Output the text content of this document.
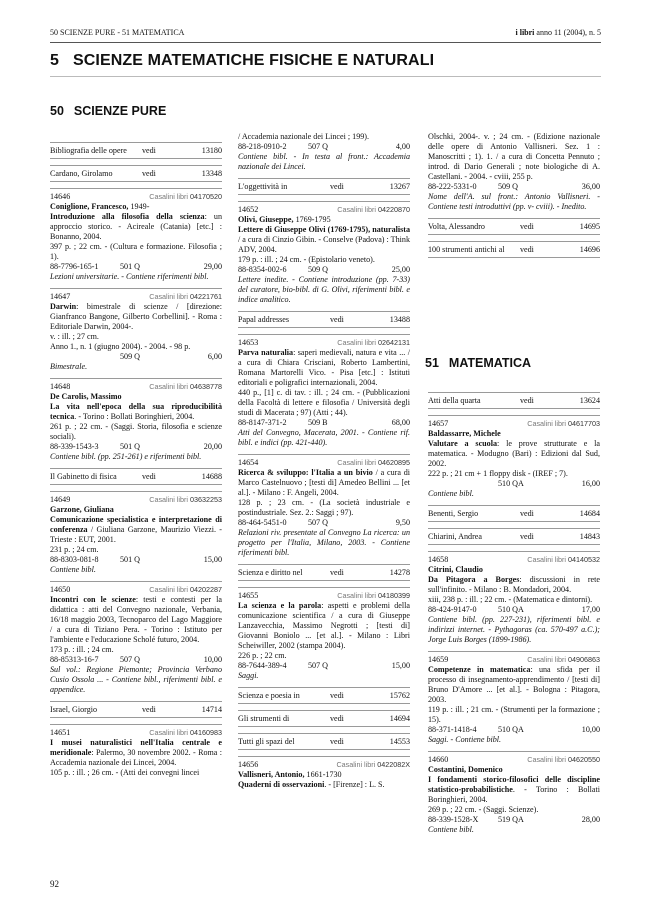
50 SCIENZE PURE - 51 MATEMATICA	i libri anno 11 (2004), n. 5
5 SCIENZE MATEMATICHE FISICHE E NATURALI
50 SCIENZE PURE
51 MATEMATICA
Bibliografia delle opere	vedi	13180
Cardano, Girolamo	vedi	13348
14646	Casalini libri 04170520
Coniglione, Francesco, 1949-
Introduzione alla filosofia della scienza: un approccio storico. - Acireale (Catania) [etc.] : Bonanno, 2004.
397 p. ; 22 cm. - (Cultura e formazione. Filosofia ; 1).
88-7796-165-1	501 Q	29,00
Lezioni universitarie. - Contiene riferimenti bibl.
14647	Casalini libri 04221761
Darwin: bimestrale di scienze / [direzione: Gianfranco Bangone, Gilberto Corbellini]. - Roma : Editoriale Darwin, 2004-.
v. : ill. ; 27 cm.
Anno 1., n. 1 (giugno 2004). - 2004. - 98 p.
509 Q	6,00
Bimestrale.
14648	Casalini libri 04638778
De Carolis, Massimo
La vita nell'epoca della sua riproducibilità tecnica. - Torino : Bollati Boringhieri, 2004.
261 p. ; 22 cm. - (Saggi. Storia, filosofia e scienze sociali).
88-339-1543-3	501 Q	20,00
Contiene bibl. (pp. 251-261) e riferimenti bibl.
Il Gabinetto di fisica	vedi	14688
14649	Casalini libri 03632253
Garzone, Giuliana
Comunicazione specialistica e interpretazione di conferenza / Giuliana Garzone, Maurizio Viezzi. - Trieste : EUT, 2001.
231 p. ; 24 cm.
88-8303-081-8	501 Q	15,00
Contiene bibl.
14650	Casalini libri 04202287
Incontri con le scienze: testi e contesti per la didattica : atti del Convegno nazionale, Verbania, 16/18 maggio 2003, Tecnoparco del Lago Maggiore / a cura di Tiziano Pera. - Torino : Istituto per l'ambiente e l'educazione Scholé futuro, 2004.
173 p. : ill. ; 24 cm.
88-85313-16-7	507 Q	10,00
Sul vol.: Regione Piemonte; Provincia Verbano Cusio Ossola ... - Contiene bibl., riferimenti bibl. e appendice.
Israel, Giorgio	vedi	14714
14651	Casalini libri 04160983
I musei naturalistici nell'Italia centrale e meridionale: Palermo, 30 novembre 2002. - Roma : Accademia nazionale dei Lincei, 2004.
105 p. : ill. ; 26 cm. - (Atti dei convegni lincei
/ Accademia nazionale dei Lincei ; 199).
88-218-0910-2	507 Q	4,00
Contiene bibl. - In testa al front.: Accademia nazionale dei Lincei.
L'oggettività in	vedi	13267
14652	Casalini libri 04220870
Olivi, Giuseppe, 1769-1795
Lettere di Giuseppe Olivi (1769-1795), naturalista / a cura di Cinzio Gibin. - Conselve (Padova) : Think ADV, 2004.
179 p. : ill. ; 24 cm. - (Epistolario veneto).
88-8354-002-6	509 Q	25,00
Lettere inedite. - Contiene introduzione (pp. 7-33) del curatore, bio-bibl. di G. Olivi, riferimenti bibl. e indice analitico.
Papal addresses	vedi	13488
14653	Casalini libri 02642131
Parva naturalia: saperi medievali, natura e vita ... / a cura di Chiara Crisciani, Roberto Lambertini, Romana Martorelli Vico. - Pisa [etc.] : Istituti editoriali e poligrafici internazionali, 2004.
440 p., [1] c. di tav. : ill. ; 24 cm. - (Pubblicazioni della Facoltà di lettere e filosofia / Università degli studi di Macerata ; 97) (Atti ; 44).
88-8147-371-2	509 B	68,00
Atti del Convegno, Macerata, 2001. - Contiene rif. bibl. e indici (pp. 421-440).
14654	Casalini libri 04620895
Ricerca & sviluppo: l'Italia a un bivio / a cura di Marco Castelnuovo ; [testi di] Amedeo Bellini ... [et al.]. - Milano : F. Angeli, 2004.
128 p. ; 23 cm. - (La società industriale e postindustriale. Sez. 2.: Saggi ; 97).
88-464-5451-0	507 Q	9,50
Relazioni riv. presentate al Convegno La ricerca: un progetto per l'Italia, Milano, 2003. - Contiene riferimenti bibl.
Scienza e diritto nel	vedi	14278
14655	Casalini libri 04180399
La scienza e la parola: aspetti e problemi della comunicazione scientifica / a cura di Giuseppe Lanzavecchia, Massimo Negrotti ; [testi di] Giovanni Boniolo ... [et al.]. - Milano : Libri Scheiwiller, 2002 (stampa 2004).
226 p. ; 22 cm.
88-7644-389-4	507 Q	15,00
Saggi.
Scienza e poesia in	vedi	15762
Gli strumenti di	vedi	14694
Tutti gli spazi del	vedi	14553
14656	Casalini libri 0422082X
Vallisneri, Antonio, 1661-1730
Quaderni di osservazioni. - [Firenze] : L. S.
Olschki, 2004-. v. ; 24 cm. - (Edizione nazionale delle opere di Antonio Vallisneri. Sez. 1 : Manoscritti ; 1). 1. / a cura di Concetta Pennuto ; introd. di Dario Generali ; note biologiche di A. Castellani. - 2004. - cviii, 255 p.
88-222-5331-0	509 Q	36,00
Nome dell'A. sul front.: Antonio Vallisneri. - Contiene testi introduttivi (pp. v- cviii). - Inedito.
Volta, Alessandro	vedi	14695
100 strumenti antichi al	vedi	14696
Atti della quarta	vedi	13624
14657	Casalini libri 04617703
Baldassarre, Michele
Valutare a scuola: le prove strutturate e la matematica. - Modugno (Bari) : Edizioni dal Sud, 2002.
222 p. ; 21 cm + 1 floppy disk - (IREF ; 7).
510 QA	16,00
Contiene bibl.
Benenti, Sergio	vedi	14684
Chiarini, Andrea	vedi	14843
14658	Casalini libri 04140532
Citrini, Claudio
Da Pitagora a Borges: discussioni in rete sull'infinito. - Milano : B. Mondadori, 2004.
xiii, 238 p. : ill. ; 22 cm. - (Matematica e dintorni).
88-424-9147-0	510 QA	17,00
Contiene bibl. (pp. 227-231), riferimenti bibl. e indirizzi internet. - Pythagoras (ca. 570-497 a.C.); Jorge Luis Borges (1899-1986).
14659	Casalini libri 04906863
Competenze in matematica: una sfida per il processo di insegnamento-apprendimento / [testi di] Bruno D'Amore ... [et al.]. - Bologna : Pitagora, 2003.
119 p. : ill. ; 21 cm. - (Strumenti per la formazione ; 15).
88-371-1418-4	510 QA	10,00
Saggi. - Contiene bibl.
14660	Casalini libri 04620550
Costantini, Domenico
I fondamenti storico-filosofici delle discipline statistico-probabilistiche. - Torino : Bollati Boringhieri, 2004.
269 p. ; 22 cm. - (Saggi. Scienze).
88-339-1528-X	519 QA	28,00
Contiene bibl.
92
